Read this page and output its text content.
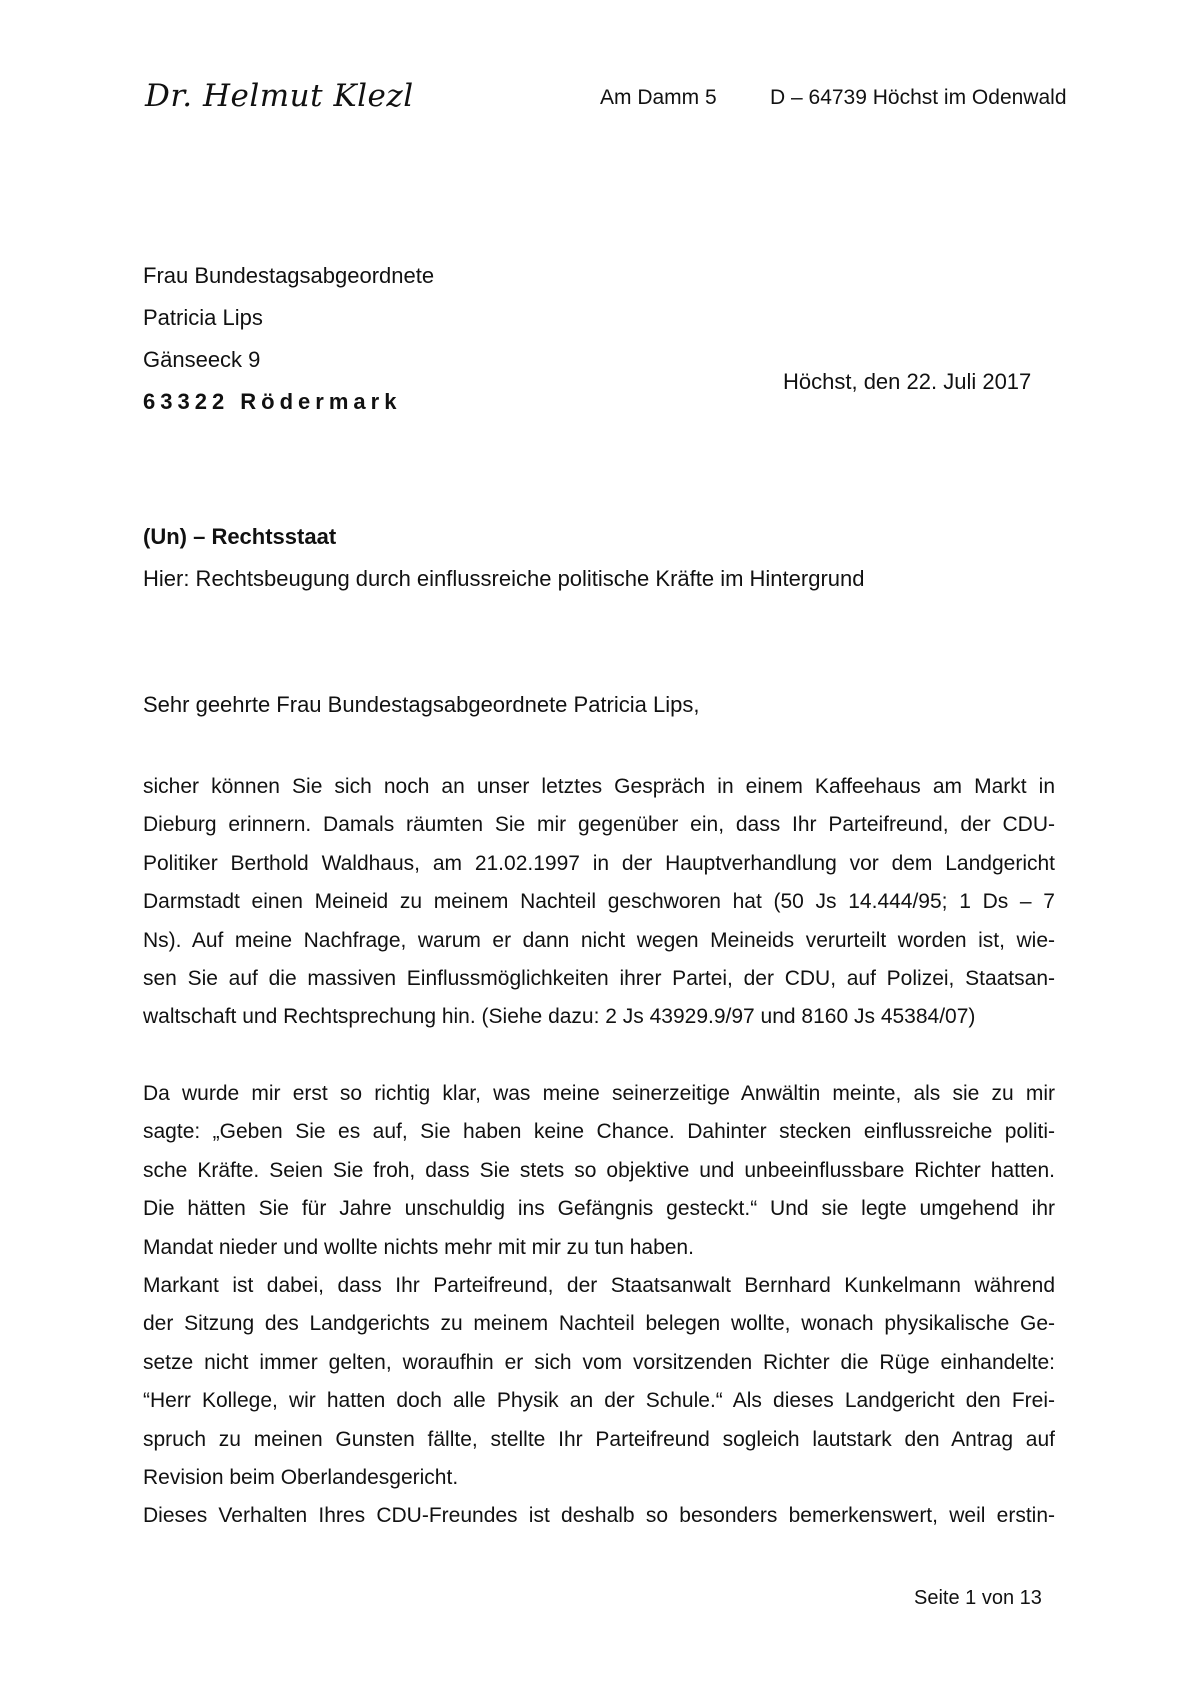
Dr. Helmut Klezl	Am Damm 5	D – 64739 Höchst im Odenwald
Frau Bundestagsabgeordnete
Patricia Lips
Gänseeck 9
63322 Rödermark
Höchst, den 22. Juli 2017
(Un) – Rechtsstaat
Hier: Rechtsbeugung durch einflussreiche politische Kräfte im Hintergrund
Sehr geehrte Frau Bundestagsabgeordnete Patricia Lips,
sicher können Sie sich noch an unser letztes Gespräch in einem Kaffeehaus am Markt in
Dieburg erinnern. Damals räumten Sie mir gegenüber ein, dass Ihr Parteifreund, der CDU-
Politiker Berthold Waldhaus, am 21.02.1997 in der Hauptverhandlung vor dem Landgericht
Darmstadt einen Meineid zu meinem Nachteil geschworen hat (50 Js 14.444/95; 1 Ds – 7
Ns). Auf meine Nachfrage, warum er dann nicht wegen Meineids verurteilt worden ist, wie-
sen Sie auf die massiven Einflussmöglichkeiten ihrer Partei, der CDU, auf Polizei, Staatsan-
waltschaft und Rechtsprechung hin. (Siehe dazu: 2 Js 43929.9/97 und 8160 Js 45384/07)
Da wurde mir erst so richtig klar, was meine seinerzeitige Anwältin meinte, als sie zu mir
sagte: „Geben Sie es auf, Sie haben keine Chance. Dahinter stecken einflussreiche politi-
sche Kräfte. Seien Sie froh, dass Sie stets so objektive und unbeeinflussbare Richter hatten.
Die hätten Sie für Jahre unschuldig ins Gefängnis gesteckt.“ Und sie legte umgehend ihr
Mandat nieder und wollte nichts mehr mit mir zu tun haben.
Markant ist dabei, dass Ihr Parteifreund, der Staatsanwalt Bernhard Kunkelmann während
der Sitzung des Landgerichts zu meinem Nachteil belegen wollte, wonach physikalische Ge-
setze nicht immer gelten, woraufhin er sich vom vorsitzenden Richter die Rüge einhandelte:
“Herr Kollege, wir hatten doch alle Physik an der Schule.“ Als dieses Landgericht den Frei-
spruch zu meinen Gunsten fällte, stellte Ihr Parteifreund sogleich lautstark den Antrag auf
Revision beim Oberlandesgericht.
Dieses Verhalten Ihres CDU-Freundes ist deshalb so besonders bemerkenswert, weil erstin-
Seite 1 von 13
